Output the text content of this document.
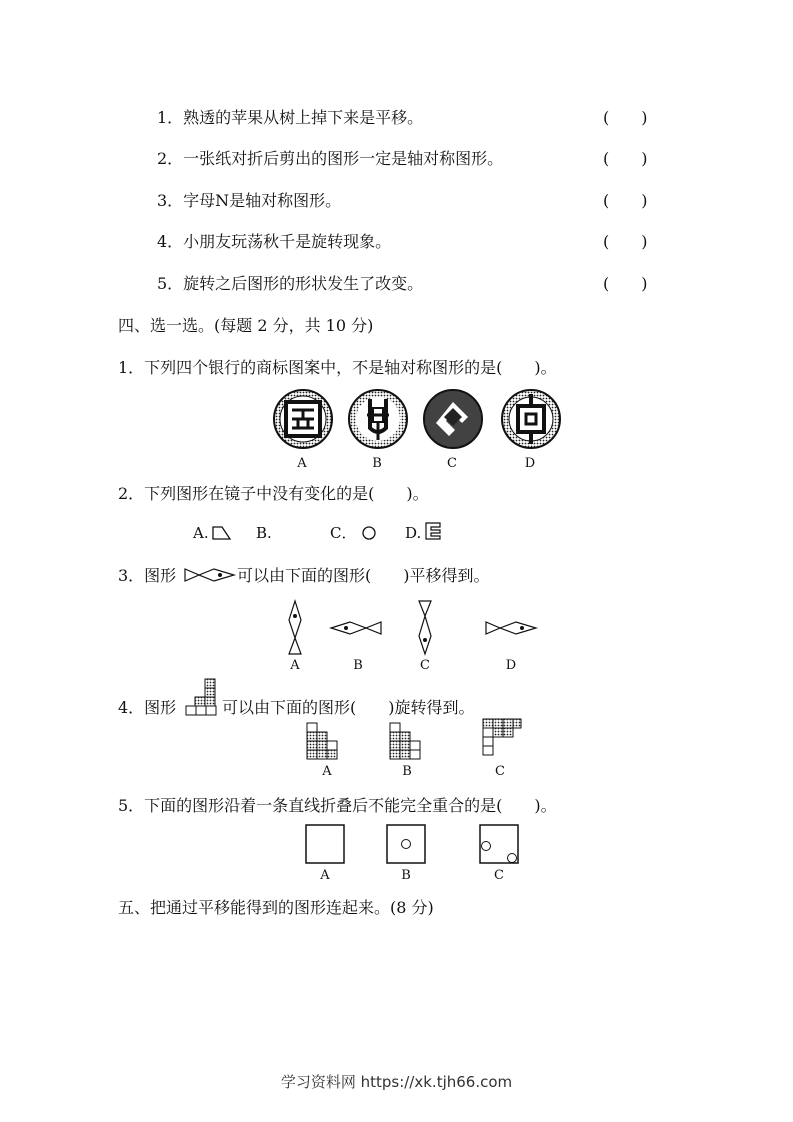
1．熟透的苹果从树上掉下来是平移。	(　　)
2．一张纸对折后剪出的图形一定是轴对称图形。	(　　)
3．字母N是轴对称图形。	(　　)
4．小朋友玩荡秋千是旋转现象。	(　　)
5．旋转之后图形的形状发生了改变。	(　　)
四、选一选。(每题 2 分，共 10 分)
1．下列四个银行的商标图案中，不是轴对称图形的是(　　)。
A	B	C	D
2．下列图形在镜子中没有变化的是(　　)。
A.	B.	C．	D.
3．图形	可以由下面的图形(　　)平移得到。
A	B	C	D
4．图形	可以由下面的图形(　　)旋转得到。
A	B	C
5．下面的图形沿着一条直线折叠后不能完全重合的是(　　)。
A	B	C
五、把通过平移能得到的图形连起来。(8 分)
学习资料网 https://xk.tjh66.com
